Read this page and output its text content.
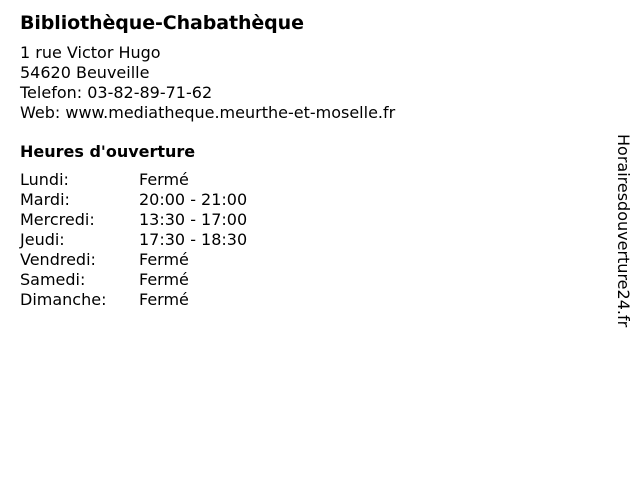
Bibliothèque-Chabathèque
1 rue Victor Hugo
54620 Beuveille
Telefon: 03-82-89-71-62
Web: www.mediatheque.meurthe-et-moselle.fr
Heures d'ouverture
Lundi:	Fermé
Mardi:	20:00 - 21:00
Mercredi:	13:30 - 17:00
Jeudi:	17:30 - 18:30
Vendredi:	Fermé
Samedi:	Fermé
Dimanche:	Fermé	Horairesdouverture24.fr
